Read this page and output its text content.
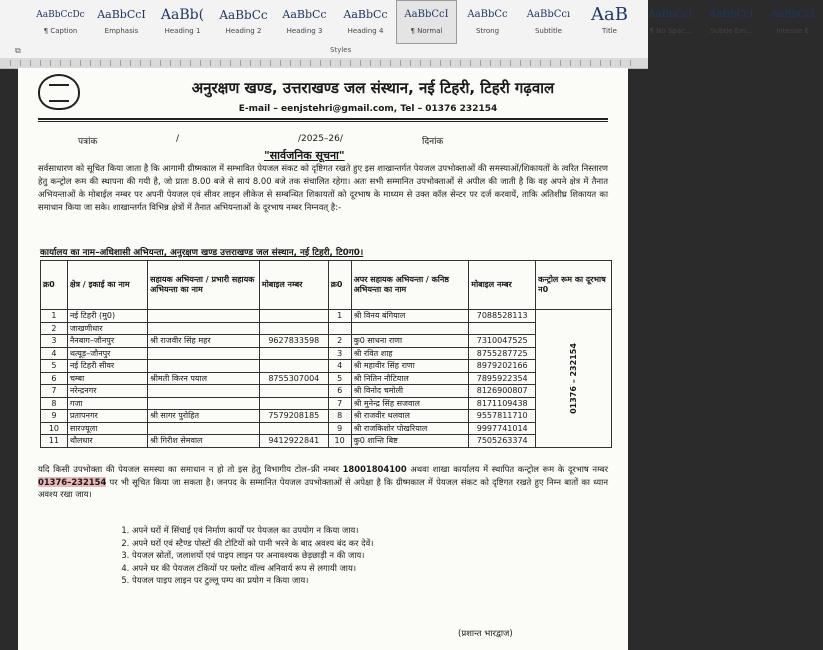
AaBbCcDc
¶ Caption
AaBbCcI
Emphasis
AaBb(
Heading 1
AaBbCc
Heading 2
AaBbCc
Heading 3
AaBbCc
Heading 4
AaBbCcI
¶ Normal
AaBbCc
Strong
AaBbCcı
Subtitle
AaB
Title
AaBbCcI
¶ No Spac...
AaBbCcI
Subtle Em...
AaBbCcl
Intense E
⧉	Styles
अनुरक्षण खण्ड, उत्तराखण्ड जल संस्थान, नई टिहरी, टिहरी गढ़वाल
E-mail – eenjstehri@gmail.com, Tel – 01376 232154
पत्रांक	/	/2025–26/	दिनांक
"सार्वजनिक सूचना"
सर्वसाधारण को सूचित किया जाता है कि आगामी ग्रीष्मकाल में सम्भावित पेयजल संकट को दृष्टिगत रखते हुए इस शाखान्तर्गत पेयजल उपभोक्ताओं की समस्याओं/शिकायतों के त्वरित निस्तारण हेतु कन्ट्रोल रूम की स्थापना की गयी है, जो प्रातः 8.00 बजे से सायं 8.00 बजे तक संचालित रहेगा। अतः सभी सम्मानित उपभोक्ताओं से अपील की जाती है कि वह अपने क्षेत्र में तैनात अभियन्ताओं के मोबाईल नम्बर पर अपनी पेयजल एवं सीवर लाइन लीकेज से सम्बन्धित शिकायतों को दूरभाष के माध्यम से उक्त कॉल सेन्टर पर दर्ज करवायें, ताकि अतिशीघ्र शिकायत का समाधान किया जा सके। शाखान्तर्गत विभिन्न क्षेत्रों में तैनात अभियन्ताओं के दूरभाष नम्बर निम्नवत् है:-
कार्यालय का नाम–अधिशासी अभियन्ता, अनुरक्षण खण्ड उत्तराखण्ड जल संस्थान, नई टिहरी, टि0ग0।
क्र0	क्षेत्र / इकाई का नाम	सहायक अभियन्ता / प्रभारी सहायक अभियन्ता का नाम	मोबाइल नम्बर	क्र0	अपर सहायक अभियन्ता / कनिष्ठ अभियन्ता का नाम	मोबाइल नम्बर	कन्ट्रोल रूम का दूरभाष न0
1	नई टिहरी (मु0)			1	श्री विनय बंगियाल	7088528113	01376 – 232154
2	जाखणीधार						
3	नैनबाग–जौनपुर	श्री राजवीर सिंह महर	9627833598	2	कु0 साधना राणा	7310047525	
4	थत्यूड़–जौनपुर			3	श्री रवित शाह	8755287725	
5	नई टिहरी सीवर			4	श्री महावीर सिंह राणा	8979202166	
6	चम्बा	श्रीमती किरन पयाल	8755307004	5	श्री नितिन नौटियाल	7895922354	
7	नरेन्द्रनगर			6	श्री विनोद चमोली	8126900807	
8	गजा			7	श्री मुनेन्द्र सिंह सजवाल	8171109438	
9	प्रतापनगर	श्री सागर पुरोहित	7579208185	8	श्री राजवीर थलवाल	9557811710	
10	सारज्यूला			9	श्री राजकिशोर पोखरियाल	9997741014	
11	थौलधार	श्री गिरीश सेमवाल	9412922841	10	कु0 शान्ति बिष्ट	7505263374	
यदि किसी उपभोक्ता की पेयजल समस्या का समाधान न हो तो इस हेतु विभागीय टोल–फ्री नम्बर 18001804100 अथवा शाखा कार्यालय में स्थापित कन्ट्रोल रूम के दूरभाष नम्बर 01376–232154 पर भी सूचित किया जा सकता है। जनपद के सम्मानित पेयजल उपभोक्ताओं से अपेक्षा है कि ग्रीष्मकाल में पेयजल संकट को दृष्टिगत रखते हुए निम्न बातों का ध्यान अवश्य रखा जाय।
1. अपने घरों में सिंचाई एवं निर्माण कार्यों पर पेयजल का उपयोग न किया जाय।
2. अपने घरों एवं स्टैण्ड पोस्टों की टोटियों को पानी भरने के बाद अवश्य बंद कर देवें।
3. पेयजल स्रोतों, जलाशयों एवं पाइप लाइन पर अनावश्यक छेड़छाड़ी न की जाय।
4. अपने घर की पेयजल टंकियों पर फ्लोट वॉल्व अनिवार्य रूप से लगायी जाय।
5. पेयजल पाइप लाइन पर टुल्लू पम्प का प्रयोग न किया जाय।
(प्रशान्त भारद्वाज)
